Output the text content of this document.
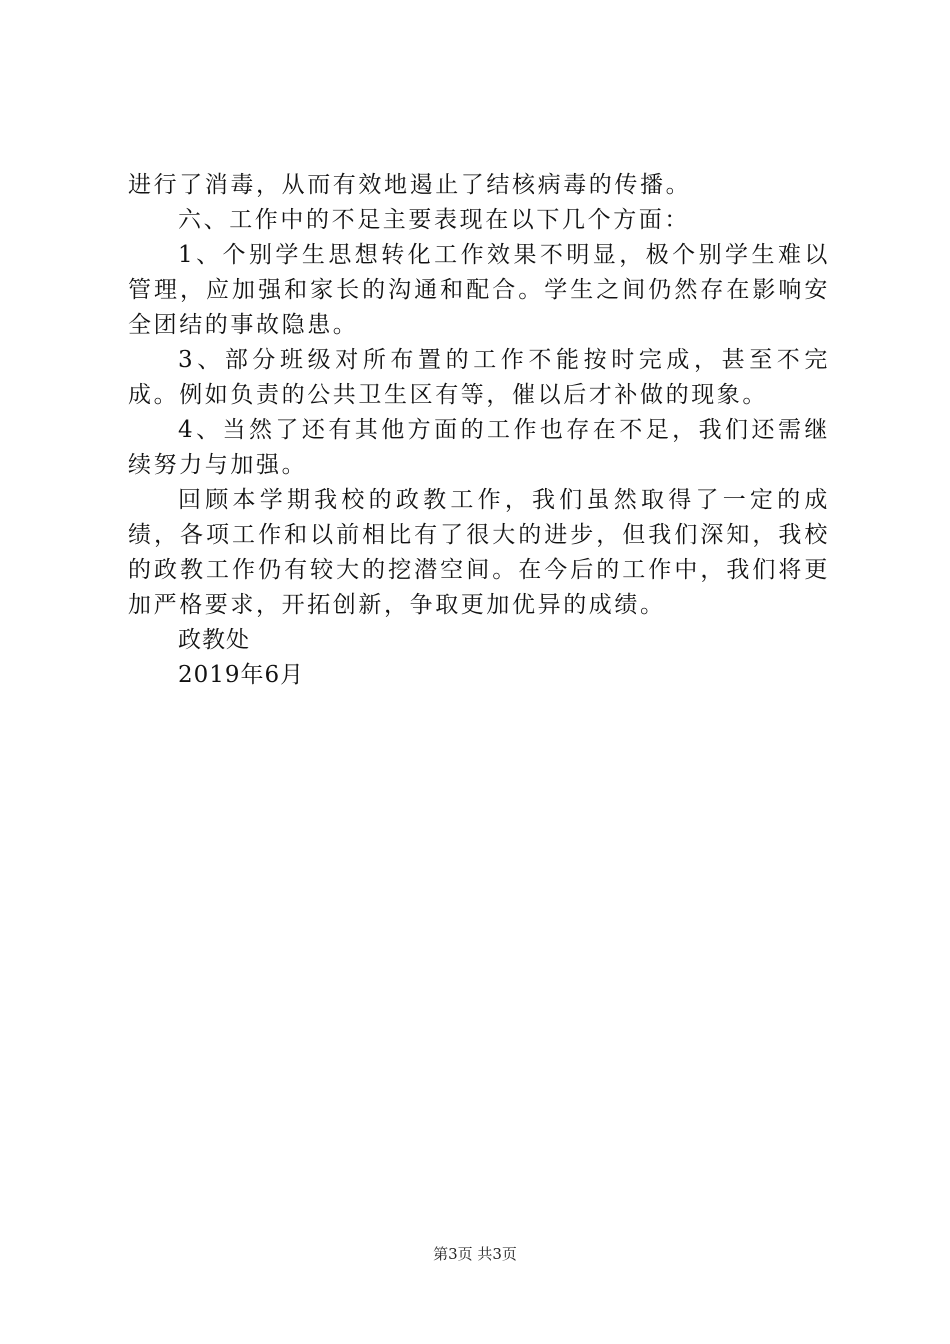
进行了消毒，从而有效地遏止了结核病毒的传播。

六、工作中的不足主要表现在以下几个方面：

1、个别学生思想转化工作效果不明显，极个别学生难以管理，应加强和家长的沟通和配合。学生之间仍然存在影响安全团结的事故隐患。

3、部分班级对所布置的工作不能按时完成，甚至不完成。例如负责的公共卫生区有等，催以后才补做的现象。

4、当然了还有其他方面的工作也存在不足，我们还需继续努力与加强。

回顾本学期我校的政教工作，我们虽然取得了一定的成绩，各项工作和以前相比有了很大的进步，但我们深知，我校的政教工作仍有较大的挖潜空间。在今后的工作中，我们将更加严格要求，开拓创新，争取更加优异的成绩。

政教处

2019年6月

第3页 共3页
